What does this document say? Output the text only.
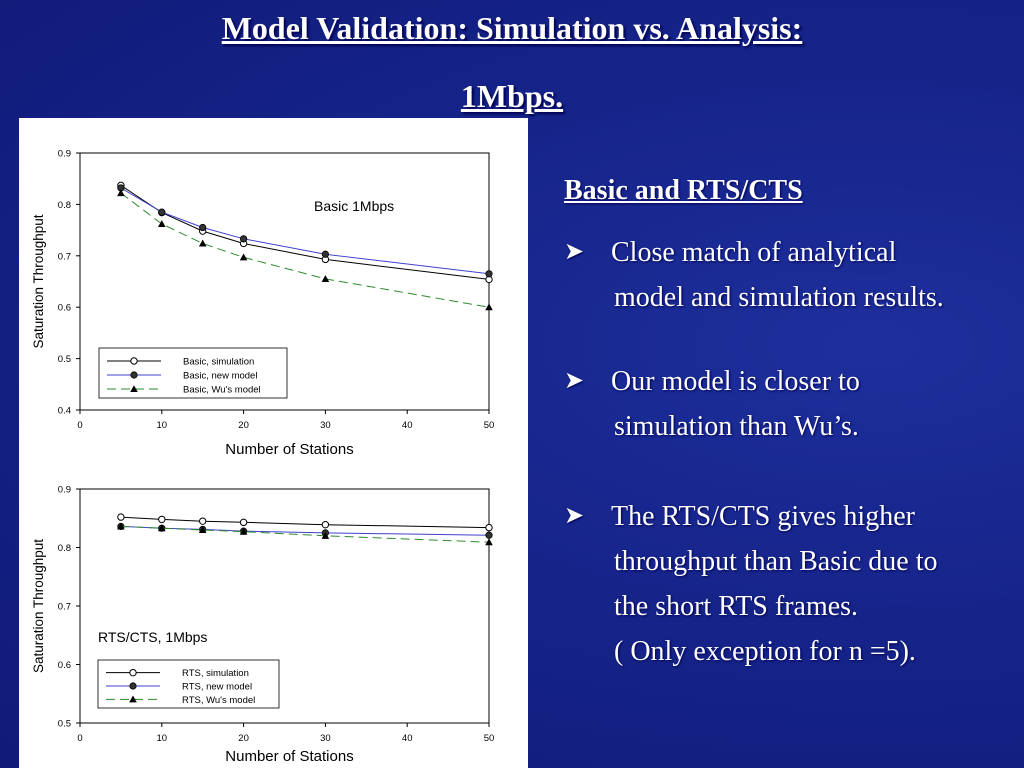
Model Validation: Simulation vs. Analysis:
1Mbps.
0	10	20	30	40	50
0.4
0.5
0.6
0.7
0.8
0.9
Number of Stations
Saturation Throughput
Basic 1Mbps
Basic, simulation
Basic, new model
Basic, Wu's model
0	10	20	30	40	50
0.5
0.6
0.7
0.8
0.9
Number of Stations
Saturation Throughput	RTS/CTS, 1Mbps
RTS, simulation
RTS, new model
RTS, Wu's model
Basic and RTS/CTS
➤ Close match of analytical
model and simulation results.
➤ Our model is closer to
simulation than Wu’s.
➤ The RTS/CTS gives higher
throughput than Basic due to
the short RTS frames.
( Only exception for n =5).
